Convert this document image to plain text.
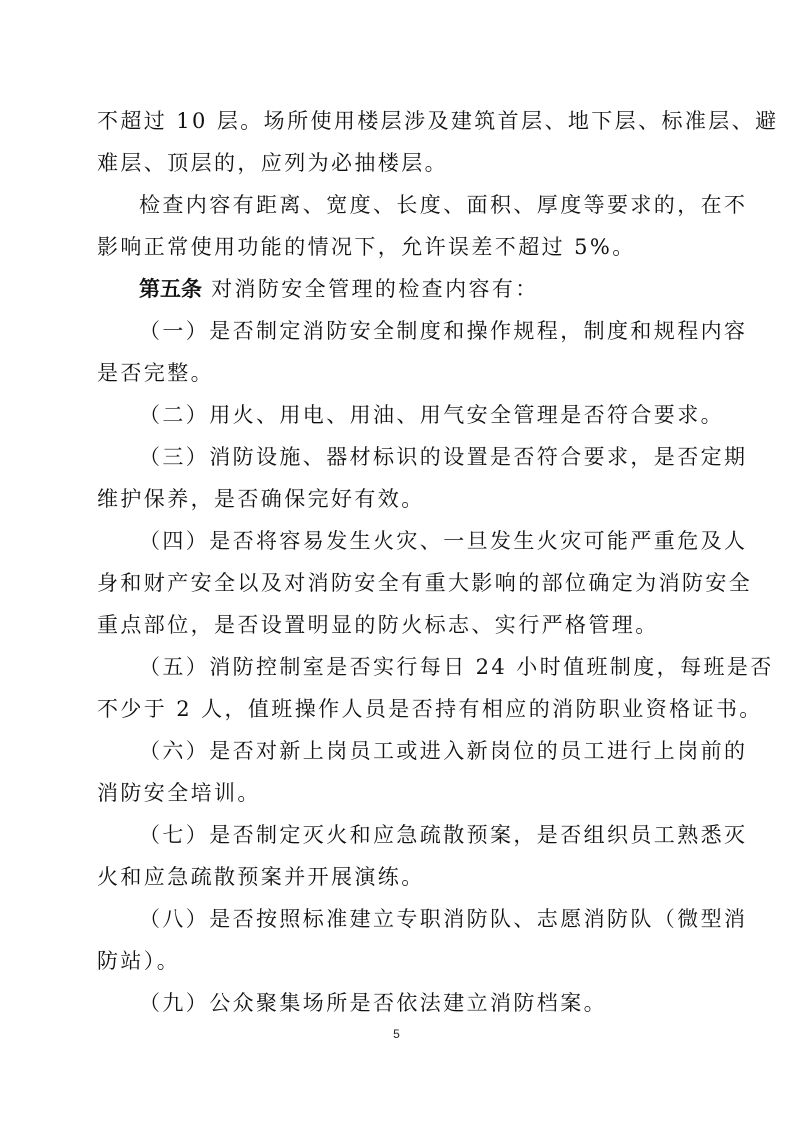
不超过 10 层。场所使用楼层涉及建筑首层、地下层、标准层、避
难层、顶层的，应列为必抽楼层。
检查内容有距离、宽度、长度、面积、厚度等要求的，在不
影响正常使用功能的情况下，允许误差不超过 5%。
第五条 对消防安全管理的检查内容有：
（一）是否制定消防安全制度和操作规程，制度和规程内容
是否完整。
（二）用火、用电、用油、用气安全管理是否符合要求。
（三）消防设施、器材标识的设置是否符合要求，是否定期
维护保养，是否确保完好有效。
（四）是否将容易发生火灾、一旦发生火灾可能严重危及人
身和财产安全以及对消防安全有重大影响的部位确定为消防安全
重点部位，是否设置明显的防火标志、实行严格管理。
（五）消防控制室是否实行每日 24 小时值班制度，每班是否
不少于 2 人，值班操作人员是否持有相应的消防职业资格证书。
（六）是否对新上岗员工或进入新岗位的员工进行上岗前的
消防安全培训。
（七）是否制定灭火和应急疏散预案，是否组织员工熟悉灭
火和应急疏散预案并开展演练。
（八）是否按照标准建立专职消防队、志愿消防队（微型消
防站）。
（九）公众聚集场所是否依法建立消防档案。
5
